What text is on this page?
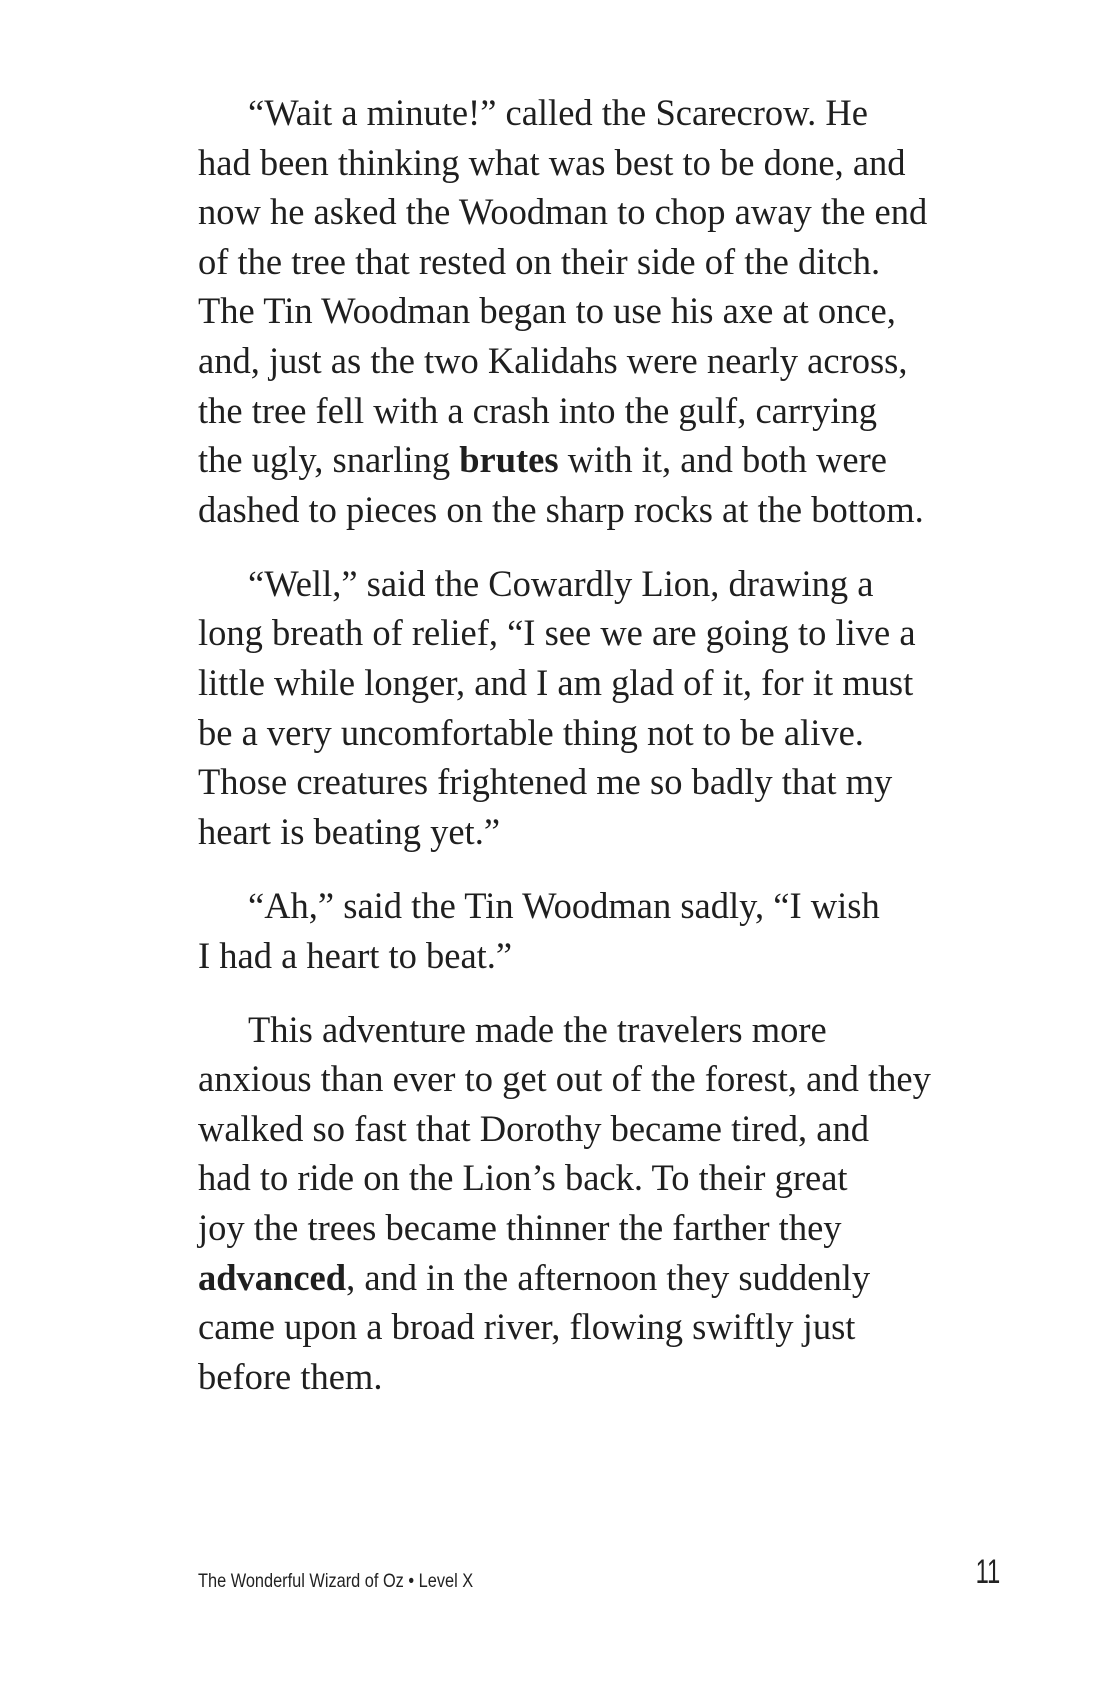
“Wait a minute!” called the Scarecrow. He
had been thinking what was best to be done, and
now he asked the Woodman to chop away the end
of the tree that rested on their side of the ditch.
The Tin Woodman began to use his axe at once,
and, just as the two Kalidahs were nearly across,
the tree fell with a crash into the gulf, carrying
the ugly, snarling brutes with it, and both were
dashed to pieces on the sharp rocks at the bottom.

“Well,” said the Cowardly Lion, drawing a
long breath of relief, “I see we are going to live a
little while longer, and I am glad of it, for it must
be a very uncomfortable thing not to be alive.
Those creatures frightened me so badly that my
heart is beating yet.”

“Ah,” said the Tin Woodman sadly, “I wish
I had a heart to beat.”

This adventure made the travelers more
anxious than ever to get out of the forest, and they
walked so fast that Dorothy became tired, and
had to ride on the Lion’s back. To their great
joy the trees became thinner the farther they
advanced, and in the afternoon they suddenly
came upon a broad river, flowing swiftly just
before them.

The Wonderful Wizard of Oz • Level X	11
